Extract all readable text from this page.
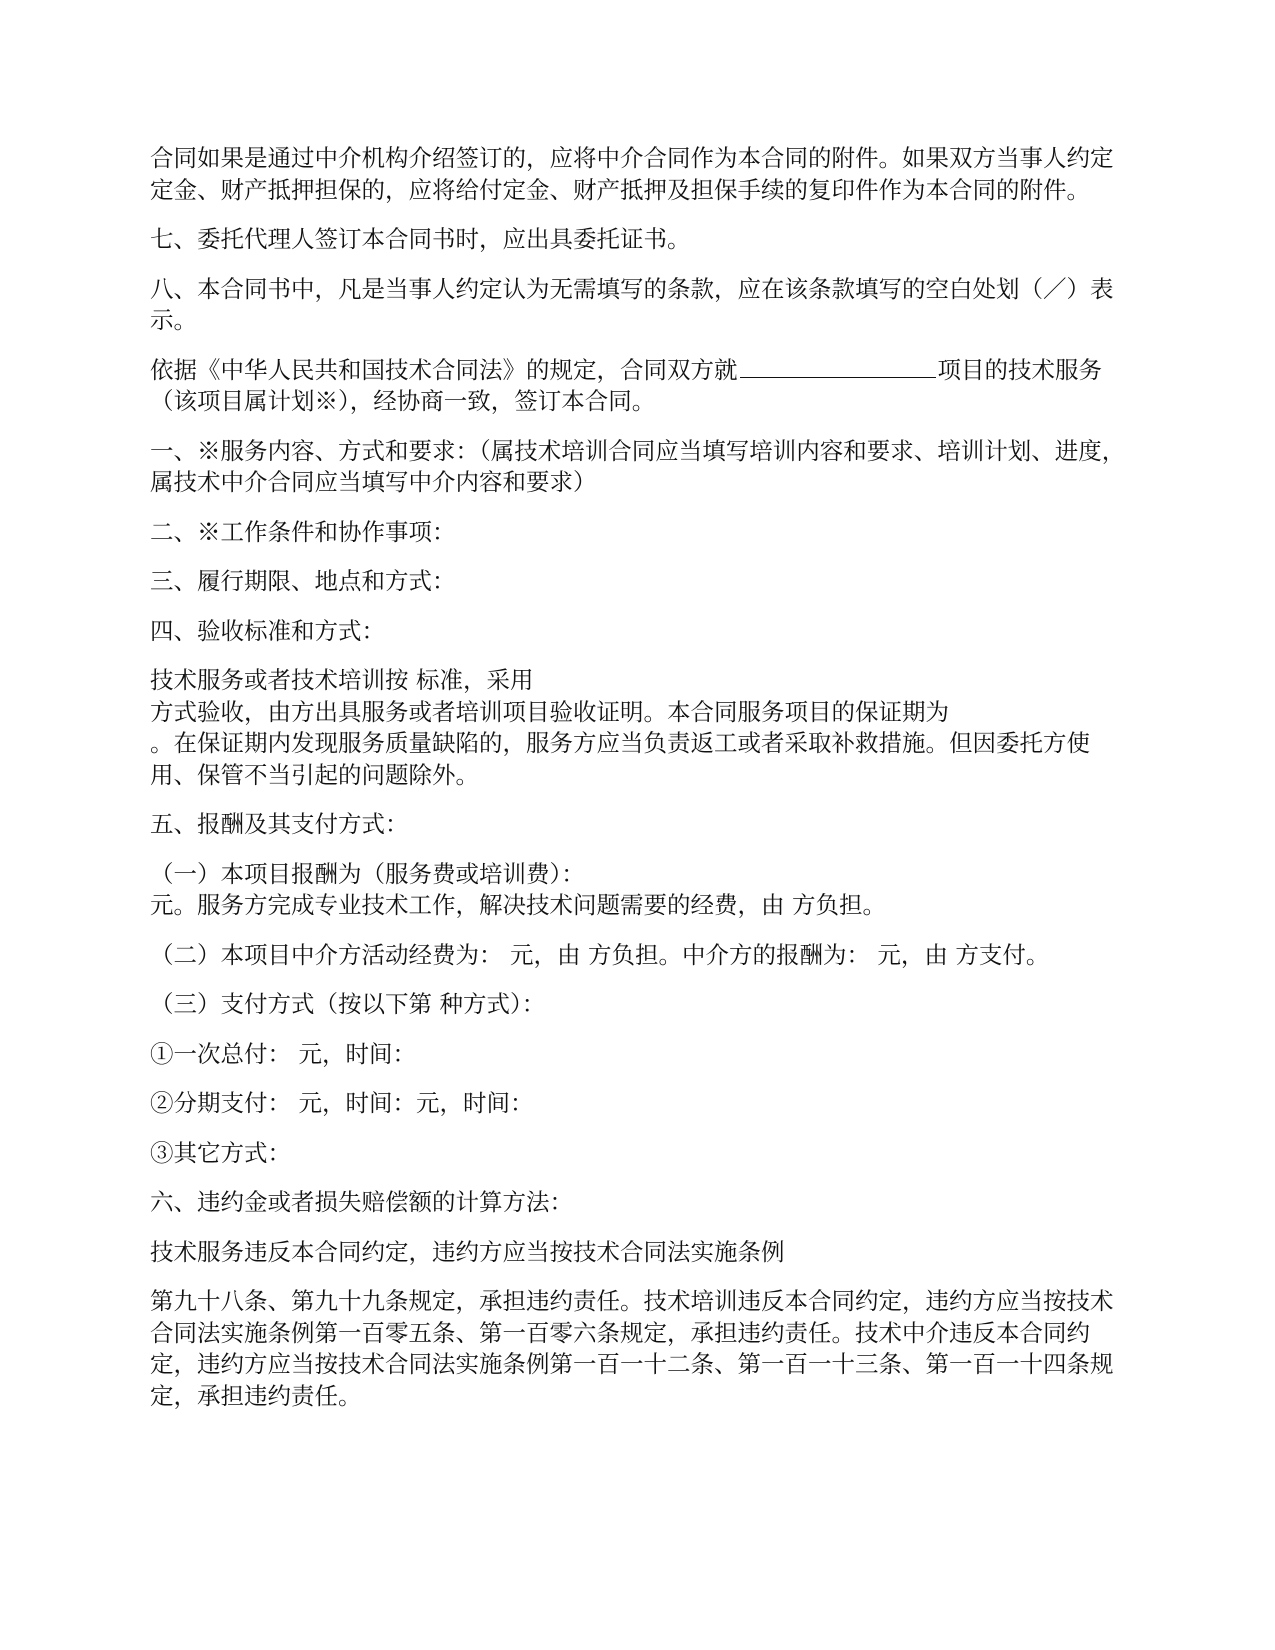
合同如果是通过中介机构介绍签订的，应将中介合同作为本合同的附件。如果双方当事人约定定金、财产抵押担保的，应将给付定金、财产抵押及担保手续的复印件作为本合同的附件。

七、委托代理人签订本合同书时，应出具委托证书。

八、本合同书中，凡是当事人约定认为无需填写的条款，应在该条款填写的空白处划（／）表示。

依据《中华人民共和国技术合同法》的规定，合同双方就	项目的技术服务（该项目属计划※），经协商一致，签订本合同。

一、※服务内容、方式和要求：（属技术培训合同应当填写培训内容和要求、培训计划、进度，属技术中介合同应当填写中介内容和要求）

二、※工作条件和协作事项：

三、履行期限、地点和方式：

四、验收标准和方式：

技术服务或者技术培训按 标准，采用
方式验收，由方出具服务或者培训项目验收证明。本合同服务项目的保证期为
。在保证期内发现服务质量缺陷的，服务方应当负责返工或者采取补救措施。但因委托方使用、保管不当引起的问题除外。

五、报酬及其支付方式：

（一）本项目报酬为（服务费或培训费）：
元。服务方完成专业技术工作，解决技术问题需要的经费，由 方负担。

（二）本项目中介方活动经费为： 元，由 方负担。中介方的报酬为： 元，由 方支付。

（三）支付方式（按以下第 种方式）：

①一次总付： 元，时间：

②分期支付： 元，时间：元，时间：

③其它方式：

六、违约金或者损失赔偿额的计算方法：

技术服务违反本合同约定，违约方应当按技术合同法实施条例

第九十八条、第九十九条规定，承担违约责任。技术培训违反本合同约定，违约方应当按技术合同法实施条例第一百零五条、第一百零六条规定，承担违约责任。技术中介违反本合同约定，违约方应当按技术合同法实施条例第一百一十二条、第一百一十三条、第一百一十四条规定，承担违约责任。
